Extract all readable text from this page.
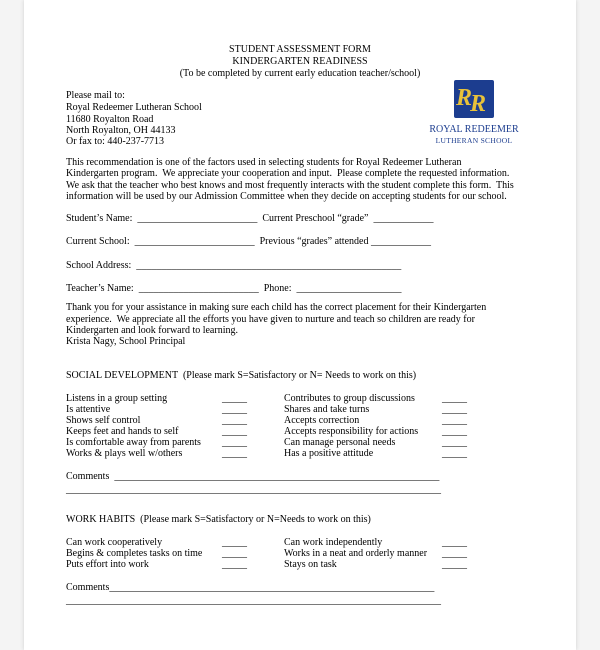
STUDENT ASSESSMENT FORM
KINDERGARTEN READINESS
(To be completed by current early education teacher/school)
Please mail to:
Royal Redeemer Lutheran School
11680 Royalton Road
North Royalton, OH 44133
Or fax to: 440-237-7713
R
R
ROYAL REDEEMER
LUTHERAN SCHOOL
This recommendation is one of the factors used in selecting students for Royal Redeemer Lutheran
Kindergarten program.  We appreciate your cooperation and input.  Please complete the requested information.
We ask that the teacher who best knows and most frequently interacts with the student complete this form.  This
information will be used by our Admission Committee when they decide on accepting students for our school.
Student’s Name:  ________________________  Current Preschool “grade”  ____________
Current School:  ________________________  Previous “grades” attended ____________
School Address:  _____________________________________________________
Teacher’s Name:  ________________________  Phone:  _____________________
Thank you for your assistance in making sure each child has the correct placement for their Kindergarten
experience.  We appreciate all the efforts you have given to nurture and teach so children are ready for
Kindergarten and look forward to learning.
Krista Nagy, School Principal
SOCIAL DEVELOPMENT  (Please mark S=Satisfactory or N= Needs to work on this)
Listens in a group setting
Is attentive
Shows self control
Keeps feet and hands to self
Is comfortable away from parents
Works & plays well w/others
_____
_____
_____
_____
_____
_____
Contributes to group discussions
Shares and take turns
Accepts correction
Accepts responsibility for actions
Can manage personal needs
Has a positive attitude
_____
_____
_____
_____
_____
_____
Comments  _________________________________________________________________
___________________________________________________________________________
WORK HABITS  (Please mark S=Satisfactory or N=Needs to work on this)
Can work cooperatively
Begins & completes tasks on time
Puts effort into work
_____
_____
_____
Can work independently
Works in a neat and orderly manner
Stays on task
_____
_____
_____
Comments_________________________________________________________________
___________________________________________________________________________
